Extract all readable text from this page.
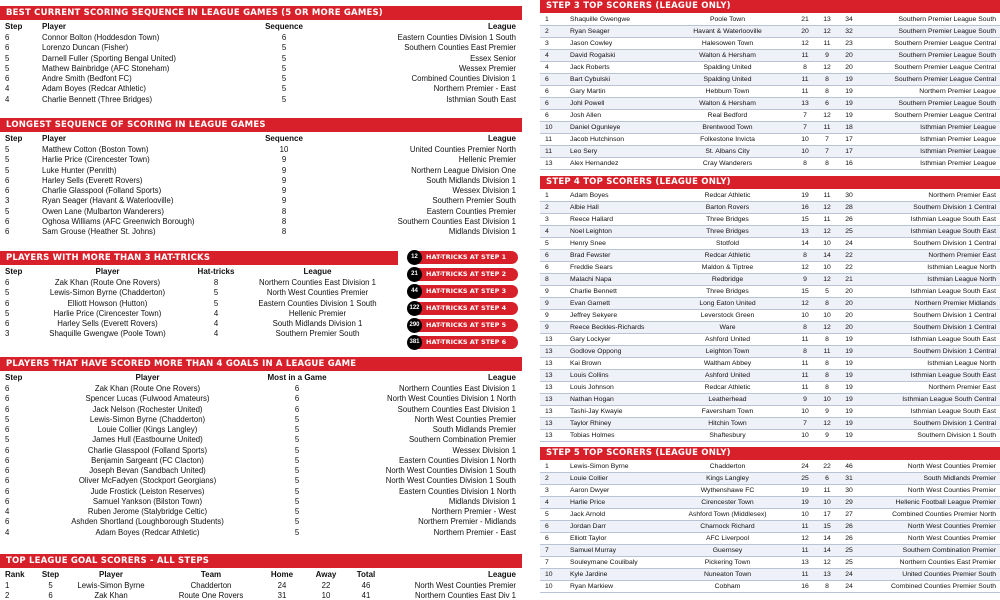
BEST CURRENT SCORING SEQUENCE IN LEAGUE GAMES (5 OR MORE GAMES)
Step	Player	Sequence	League
6	Connor Bolton (Hoddesdon Town)	6	Eastern Counties Division 1 South
6	Lorenzo Duncan (Fisher)	5	Southern Counties East Premier
5	Darnell Fuller (Sporting Bengal United)	5	Essex Senior
5	Mathew Bainbridge (AFC Stoneham)	5	Wessex Premier
6	Andre Smith (Bedfont FC)	5	Combined Counties Division 1
4	Adam Boyes (Redcar Athletic)	5	Northern Premier - East
4	Charlie Bennett (Three Bridges)	5	Isthmian South East
LONGEST SEQUENCE OF SCORING IN LEAGUE GAMES
Step	Player	Sequence	League
5	Matthew Cotton (Boston Town)	10	United Counties Premier North
5	Harlie Price (Cirencester Town)	9	Hellenic Premier
5	Luke Hunter (Penrith)	9	Northern League Division One
6	Harley Sells (Everett Rovers)	9	South Midlands Division 1
6	Charlie Glasspool (Folland Sports)	9	Wessex Division 1
3	Ryan Seager (Havant & Waterlooville)	9	Southern Premier South
5	Owen Lane (Mulbarton Wanderers)	8	Eastern Counties Premier
6	Oghosa Williams (AFC Greenwich Borough)	8	Southern Counties East Division 1
6	Sam Grouse (Heather St. Johns)	8	Midlands Division 1
PLAYERS WITH MORE THAN 3 HAT-TRICKS
Step	Player	Hat-tricks	League
6	Zak Khan (Route One Rovers)	8	Northern Counties East Division 1
5	Lewis-Simon Byrne (Chadderton)	5	North West Counties Premier
6	Elliott Howson (Hutton)	5	Eastern Counties Division 1 South
5	Harlie Price (Cirencester Town)	4	Hellenic Premier
6	Harley Sells (Everett Rovers)	4	South Midlands Division 1
3	Shaquille Gwengwe (Poole Town)	4	Southern Premier South
PLAYERS THAT HAVE SCORED MORE THAN 4 GOALS IN A LEAGUE GAME
Step	Player	Most in a Game	League
6	Zak Khan (Route One Rovers)	6	Northern Counties East Division 1
6	Spencer Lucas (Fulwood Amateurs)	6	North West Counties Division 1 North
6	Jack Nelson (Rochester United)	6	Southern Counties East Division 1
5	Lewis-Simon Byrne (Chadderton)	5	North West Counties Premier
6	Louie Collier (Kings Langley)	5	South Midlands Premier
5	James Hull (Eastbourne United)	5	Southern Combination Premier
6	Charlie Glasspool (Folland Sports)	5	Wessex Division 1
6	Benjamin Sargeant (FC Clacton)	5	Eastern Counties Division 1 North
6	Joseph Bevan (Sandbach United)	5	North West Counties Division 1 South
6	Oliver McFadyen (Stockport Georgians)	5	North West Counties Division 1 South
6	Jude Frostick (Leiston Reserves)	5	Eastern Counties Division 1 North
6	Samuel Yankson (Bilston Town)	5	Midlands Division 1
4	Ruben Jerome (Stalybridge Celtic)	5	Northern Premier - West
6	Ashden Shortland (Loughborough Students)	5	Northern Premier - Midlands
4	Adam Boyes (Redcar Athletic)	5	Northern Premier - East
TOP LEAGUE GOAL SCORERS - ALL STEPS
Rank	Step	Player	Team	Home	Away	Total	League
1	5	Lewis-Simon Byrne	Chadderton	24	22	46	North West Counties Premier
2	6	Zak Khan	Route One Rovers	31	10	41	Northern Counties East Div 1
12	HAT-TRICKS AT STEP 1
21	HAT-TRICKS AT STEP 2
44	HAT-TRICKS AT STEP 3
122	HAT-TRICKS AT STEP 4
290	HAT-TRICKS AT STEP 5
381	HAT-TRICKS AT STEP 6
STEP 3 TOP SCORERS (LEAGUE ONLY)
1	Shaquille Gwengwe	Poole Town	21	13	34	Southern Premier League South
2	Ryan Seager	Havant & Waterlooville	20	12	32	Southern Premier League South
3	Jason Cowley	Halesowen Town	12	11	23	Southern Premier League Central
4	David Rogalski	Walton & Hersham	11	9	20	Southern Premier League South
4	Jack Roberts	Spalding United	8	12	20	Southern Premier League Central
6	Bart Cybulski	Spalding United	11	8	19	Southern Premier League Central
6	Gary Martin	Hebburn Town	11	8	19	Northern Premier League
6	Johl Powell	Walton & Hersham	13	6	19	Southern Premier League South
6	Josh Allen	Real Bedford	7	12	19	Southern Premier League Central
10	Daniel Ogunleye	Brentwood Town	7	11	18	Isthmian Premier League
11	Jacob Hutchinson	Folkestone Invicta	10	7	17	Isthmian Premier League
11	Leo Sery	St. Albans City	10	7	17	Isthmian Premier League
13	Alex Hernandez	Cray Wanderers	8	8	16	Isthmian Premier League
STEP 4 TOP SCORERS (LEAGUE ONLY)
1	Adam Boyes	Redcar Athletic	19	11	30	Northern Premier East
2	Albie Hall	Barton Rovers	16	12	28	Southern Division 1 Central
3	Reece Hallard	Three Bridges	15	11	26	Isthmian League South East
4	Noel Leighton	Three Bridges	13	12	25	Isthmian League South East
5	Henry Snee	Stotfold	14	10	24	Southern Division 1 Central
6	Brad Fewster	Redcar Athletic	8	14	22	Northern Premier East
6	Freddie Sears	Maldon & Tiptree	12	10	22	Isthmian League North
8	Malachi Napa	Redbridge	9	12	21	Isthmian League North
9	Charlie Bennett	Three Bridges	15	5	20	Isthmian League South East
9	Evan Garnett	Long Eaton United	12	8	20	Northern Premier Midlands
9	Jeffrey Sekyere	Leverstock Green	10	10	20	Southern Division 1 Central
9	Reece Beckles-Richards	Ware	8	12	20	Southern Division 1 Central
13	Gary Lockyer	Ashford United	11	8	19	Isthmian League South East
13	Godlove Oppong	Leighton Town	8	11	19	Southern Division 1 Central
13	Kai Brown	Waltham Abbey	11	8	19	Isthmian League North
13	Louis Collins	Ashford United	11	8	19	Isthmian League South East
13	Louis Johnson	Redcar Athletic	11	8	19	Northern Premier East
13	Nathan Hogan	Leatherhead	9	10	19	Isthmian League South Central
13	Tashi-Jay Kwayie	Faversham Town	10	9	19	Isthmian League South East
13	Taylor Rhiney	Hitchin Town	7	12	19	Southern Division 1 Central
13	Tobias Holmes	Shaftesbury	10	9	19	Southern Division 1 South
STEP 5 TOP SCORERS (LEAGUE ONLY)
1	Lewis-Simon Byrne	Chadderton	24	22	46	North West Counties Premier
2	Louie Collier	Kings Langley	25	6	31	South Midlands Premier
3	Aaron Dwyer	Wythenshawe FC	19	11	30	North West Counties Premier
4	Harlie Price	Cirencester Town	19	10	29	Hellenic Football League Premier
5	Jack Arnold	Ashford Town (Middlesex)	10	17	27	Combined Counties Premier North
6	Jordan Darr	Charnock Richard	11	15	26	North West Counties Premier
6	Elliott Taylor	AFC Liverpool	12	14	26	North West Counties Premier
7	Samuel Murray	Guernsey	11	14	25	Southern Combination Premier
7	Souleymane Coulibaly	Pickering Town	13	12	25	Northern Counties East Premier
10	Kyle Jardine	Nuneaton Town	11	13	24	United Counties Premier South
10	Ryan Markiew	Cobham	16	8	24	Combined Counties Premier South
